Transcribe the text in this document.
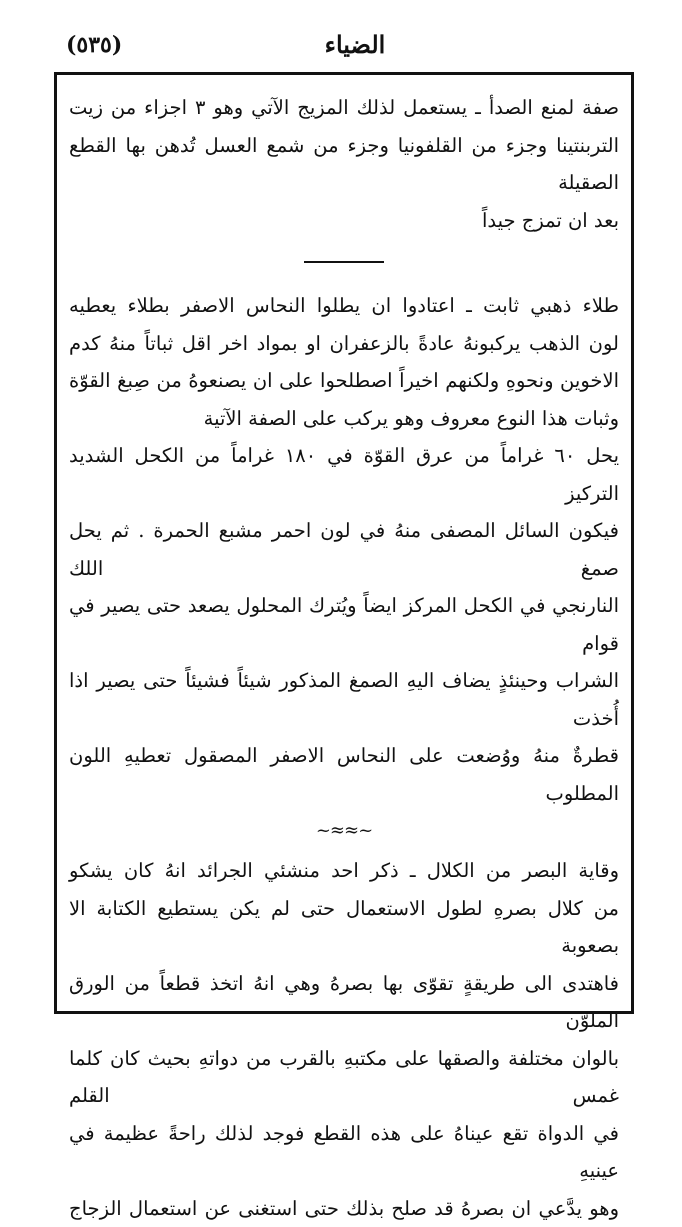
(٥٣٥)	الضياء
صفة لمنع الصدأ ـ يستعمل لذلك المزيج الآتي وهو ٣ اجزاء من زيت
التربنتينا وجزء من القلفونيا وجزء من شمع العسل تُدهن بها القطع الصقيلة
بعد ان تمزج جيداً
طلاء ذهبي ثابت ـ اعتادوا ان يطلوا النحاس الاصفر بطلاء يعطيه
لون الذهب يركبونهُ عادةً بالزعفران او بمواد اخر اقل ثباتاً منهُ كدم
الاخوين ونحوهِ ولكنهم اخيراً اصطلحوا على ان يصنعوهُ من صِبغ القوّة
وثبات هذا النوع معروف وهو يركب على الصفة الآتية
يحل ٦٠ غراماً من عرق القوّة في ١٨٠ غراماً من الكحل الشديد التركيز
فيكون السائل المصفى منهُ في لون احمر مشبع الحمرة . ثم يحل صمغ اللك
النارنجي في الكحل المركز ايضاً ويُترك المحلول يصعد حتى يصير في قوام
الشراب وحينئذٍ يضاف اليهِ الصمغ المذكور شيئاً فشيئاً حتى يصير اذا أُخذت
قطرةٌ منهُ ووُضعت على النحاس الاصفر المصقول تعطيهِ اللون المطلوب
~≈≈~
وقاية البصر من الكلال ـ ذكر احد منشئي الجرائد انهُ كان يشكو
من كلال بصرهِ لطول الاستعمال حتى لم يكن يستطيع الكتابة الا بصعوبة
فاهتدى الى طريقةٍ تقوّى بها بصرهُ وهي انهُ اتخذ قطعاً من الورق الملوّن
بالوان مختلفة والصقها على مكتبهِ بالقرب من دواتهِ بحيث كان كلما غمس القلم
في الدواة تقع عيناهُ على هذه القطع فوجد لذلك راحةً عظيمة في عينيهِ
وهو يدَّعي ان بصرهُ قد صلح بذلك حتى استغنى عن استعمال الزجاج
